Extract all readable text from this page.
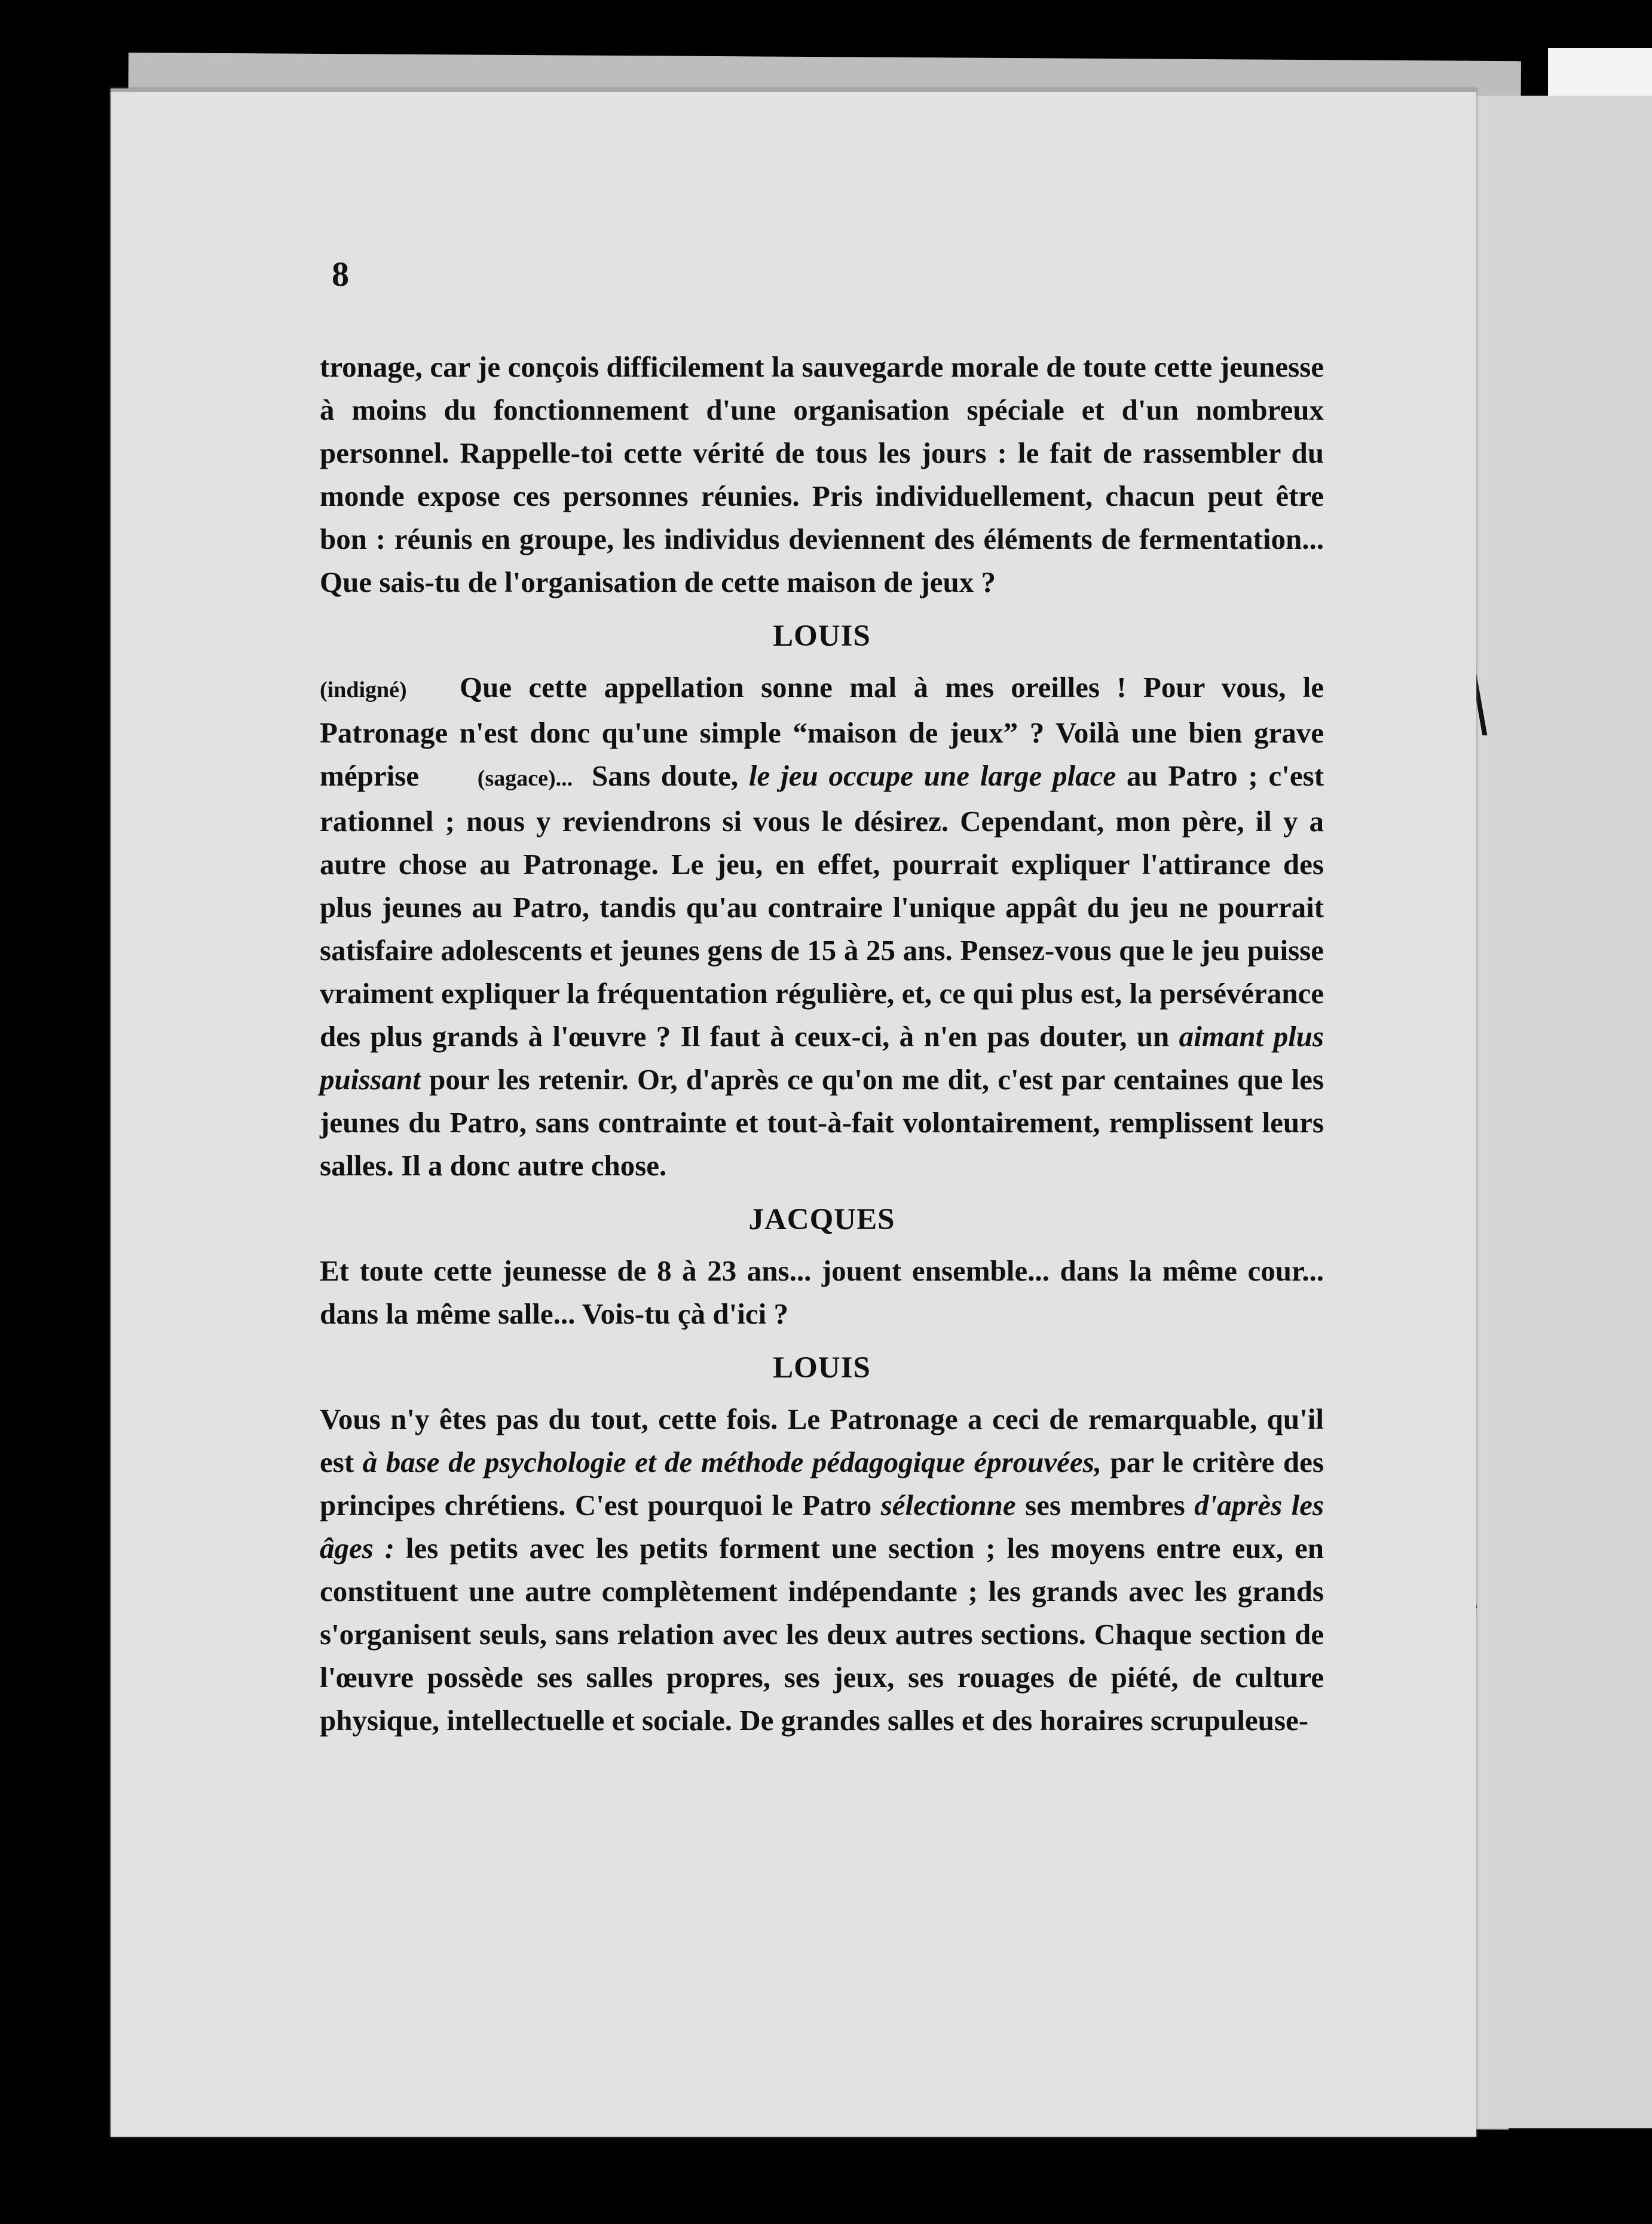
8

tronage, car je conçois difficilement la sauvegarde morale de toute cette jeunesse à moins du fonctionnement d'une organisation spéciale et d'un nombreux personnel. Rappelle-toi cette vérité de tous les jours : le fait de rassembler du monde expose ces personnes réunies. Pris individuellement, chacun peut être bon : réunis en groupe, les individus deviennent des éléments de fermentation... Que sais-tu de l'organisation de cette maison de jeux ?

LOUIS

(indigné) Que cette appellation sonne mal à mes oreilles ! Pour vous, le Patronage n'est donc qu'une simple “maison de jeux” ? Voilà une bien grave méprise	(sagace)... Sans doute, le jeu occupe une large place au Patro ; c'est rationnel ; nous y reviendrons si vous le désirez. Cependant, mon père, il y a autre chose au Patronage. Le jeu, en effet, pourrait expliquer l'attirance des plus jeunes au Patro, tandis qu'au contraire l'unique appât du jeu ne pourrait satisfaire adolescents et jeunes gens de 15 à 25 ans. Pensez-vous que le jeu puisse vraiment expliquer la fréquentation régulière, et, ce qui plus est, la persévérance des plus grands à l'œuvre ? Il faut à ceux-ci, à n'en pas douter, un aimant plus puissant pour les retenir. Or, d'après ce qu'on me dit, c'est par centaines que les jeunes du Patro, sans contrainte et tout-à-fait volontairement, remplissent leurs salles. Il a donc autre chose.

JACQUES

Et toute cette jeunesse de 8 à 23 ans... jouent ensemble... dans la même cour... dans la même salle... Vois-tu çà d'ici ?

LOUIS

Vous n'y êtes pas du tout, cette fois. Le Patronage a ceci de remarquable, qu'il est à base de psychologie et de méthode pédagogique éprouvées, par le critère des principes chrétiens. C'est pourquoi le Patro sélectionne ses membres d'après les âges : les petits avec les petits forment une section ; les moyens entre eux, en constituent une autre complètement indépendante ; les grands avec les grands s'organisent seuls, sans relation avec les deux autres sections. Chaque section de l'œuvre possède ses salles propres, ses jeux, ses rouages de piété, de culture physique, intellectuelle et sociale. De grandes salles et des horaires scrupuleuse-
